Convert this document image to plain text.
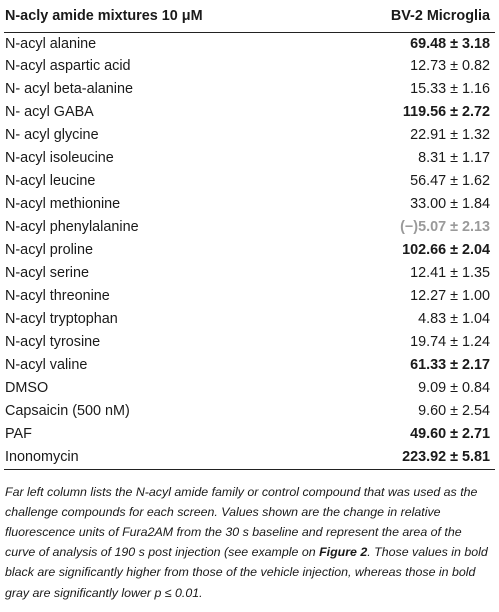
N-acly amide mixtures 10 μM	BV-2 Microglia
N-acyl alanine	69.48 ± 3.18
N-acyl aspartic acid	12.73 ± 0.82
N- acyl beta-alanine	15.33 ± 1.16
N- acyl GABA	119.56 ± 2.72
N- acyl glycine	22.91 ± 1.32
N-acyl isoleucine	8.31 ± 1.17
N-acyl leucine	56.47 ± 1.62
N-acyl methionine	33.00 ± 1.84
N-acyl phenylalanine	(−)5.07 ± 2.13
N-acyl proline	102.66 ± 2.04
N-acyl serine	12.41 ± 1.35
N-acyl threonine	12.27 ± 1.00
N-acyl tryptophan	4.83 ± 1.04
N-acyl tyrosine	19.74 ± 1.24
N-acyl valine	61.33 ± 2.17
DMSO	9.09 ± 0.84
Capsaicin (500 nM)	9.60 ± 2.54
PAF	49.60 ± 2.71
Inonomycin	223.92 ± 5.81

Far left column lists the N-acyl amide family or control compound that was used as the challenge compounds for each screen. Values shown are the change in relative fluorescence units of Fura2AM from the 30 s baseline and represent the area of the curve of analysis of 190 s post injection (see example on Figure 2. Those values in bold black are significantly higher from those of the vehicle injection, whereas those in bold gray are significantly lower p ≤ 0.01.
